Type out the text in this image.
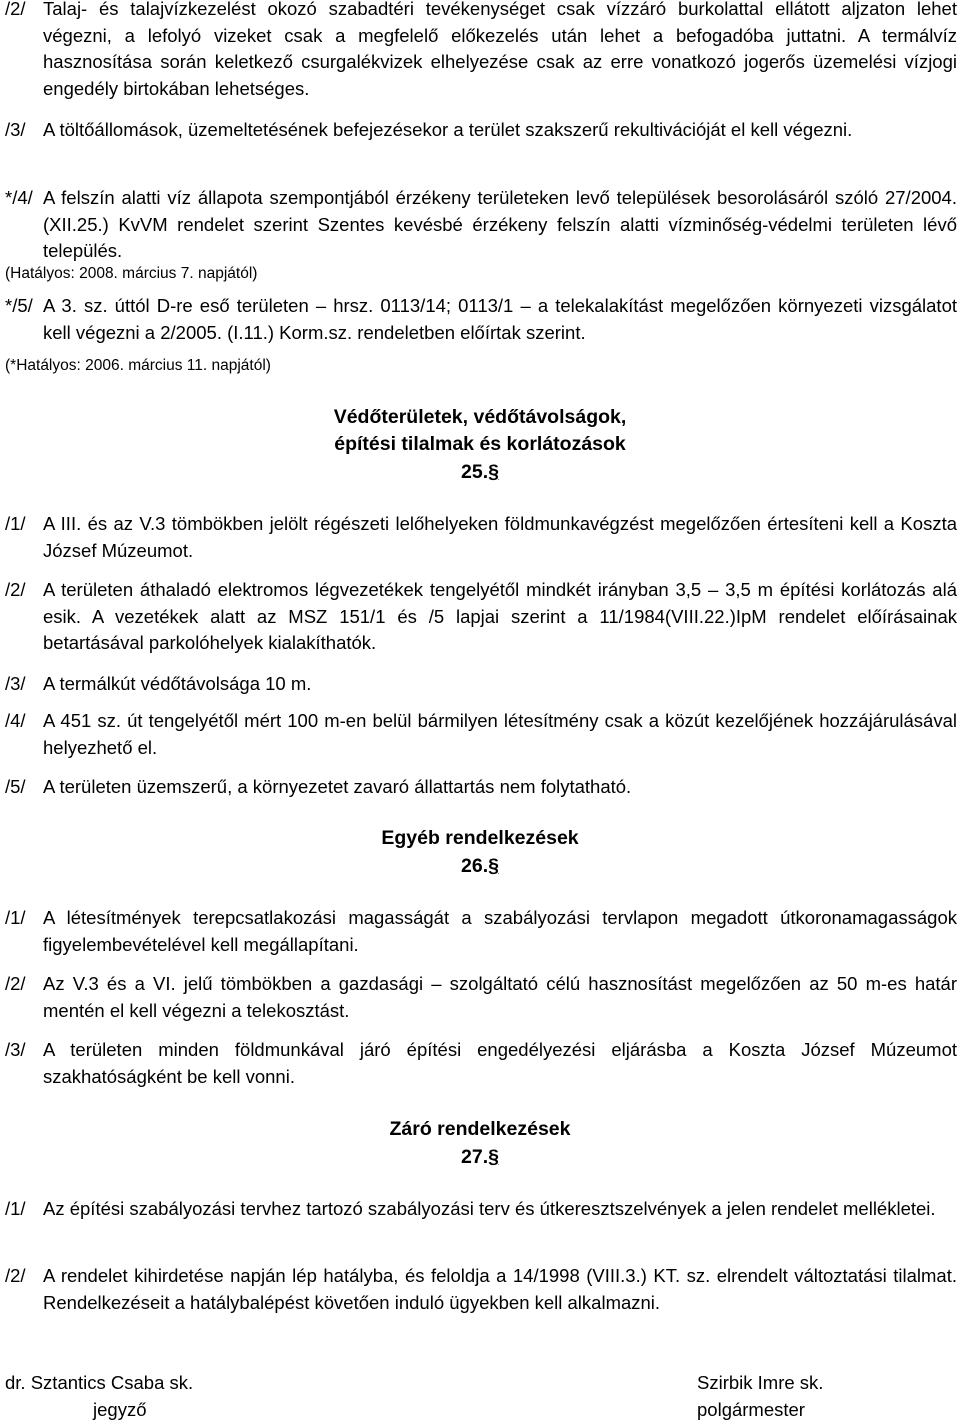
/2/ Talaj- és talajvízkezelést okozó szabadtéri tevékenységet csak vízzáró burkolattal ellátott aljzaton lehet végezni, a lefolyó vizeket csak a megfelelő előkezelés után lehet a befogadóba juttatni. A termálvíz hasznosítása során keletkező csurgalékvizek elhelyezése csak az erre vonatkozó jogerős üzemelési vízjogi engedély birtokában lehetséges.
/3/ A töltőállomások, üzemeltetésének befejezésekor a terület szakszerű rekultivációját el kell végezni.
*/4/ A felszín alatti víz állapota szempontjából érzékeny területeken levő települések besorolásáról szóló 27/2004. (XII.25.) KvVM rendelet szerint Szentes kevésbé érzékeny felszín alatti vízminőség-védelmi területen lévő település.
(Hatályos: 2008. március 7. napjától)
*/5/ A 3. sz. úttól D-re eső területen – hrsz. 0113/14; 0113/1 – a telekalakítást megelőzően környezeti vizsgálatot kell végezni a 2/2005. (I.11.) Korm.sz. rendeletben előírtak szerint.
(*Hatályos: 2006. március 11. napjától)
Védőterületek, védőtávolságok,
építési tilalmak és korlátozások
25.§
/1/ A III. és az V.3 tömbökben jelölt régészeti lelőhelyeken földmunkavégzést megelőzően értesíteni kell a Koszta József Múzeumot.
/2/ A területen áthaladó elektromos légvezetékek tengelyétől mindkét irányban 3,5 – 3,5 m építési korlátozás alá esik. A vezetékek alatt az MSZ 151/1 és /5 lapjai szerint a 11/1984(VIII.22.)IpM rendelet előírásainak betartásával parkolóhelyek kialakíthatók.
/3/ A termálkút védőtávolsága 10 m.
/4/ A 451 sz. út tengelyétől mért 100 m-en belül bármilyen létesítmény csak a közút kezelőjének hozzájárulásával helyezhető el.
/5/ A területen üzemszerű, a környezetet zavaró állattartás nem folytatható.
Egyéb rendelkezések
26.§
/1/ A létesítmények terepcsatlakozási magasságát a szabályozási tervlapon megadott útkoronamagasságok figyelembevételével kell megállapítani.
/2/ Az V.3 és a VI. jelű tömbökben a gazdasági – szolgáltató célú hasznosítást megelőzően az 50 m-es határ mentén el kell végezni a telekosztást.
/3/ A területen minden földmunkával járó építési engedélyezési eljárásba a Koszta József Múzeumot szakhatóságként be kell vonni.
Záró rendelkezések
27.§
/1/ Az építési szabályozási tervhez tartozó szabályozási terv és útkeresztszelvények a jelen rendelet mellékletei.
/2/ A rendelet kihirdetése napján lép hatályba, és feloldja a 14/1998 (VIII.3.) KT. sz. elrendelt változtatási tilalmat. Rendelkezéseit a hatálybalépést követően induló ügyekben kell alkalmazni.
dr. Sztantics Csaba sk.
jegyző
Szirbik Imre sk.
polgármester
